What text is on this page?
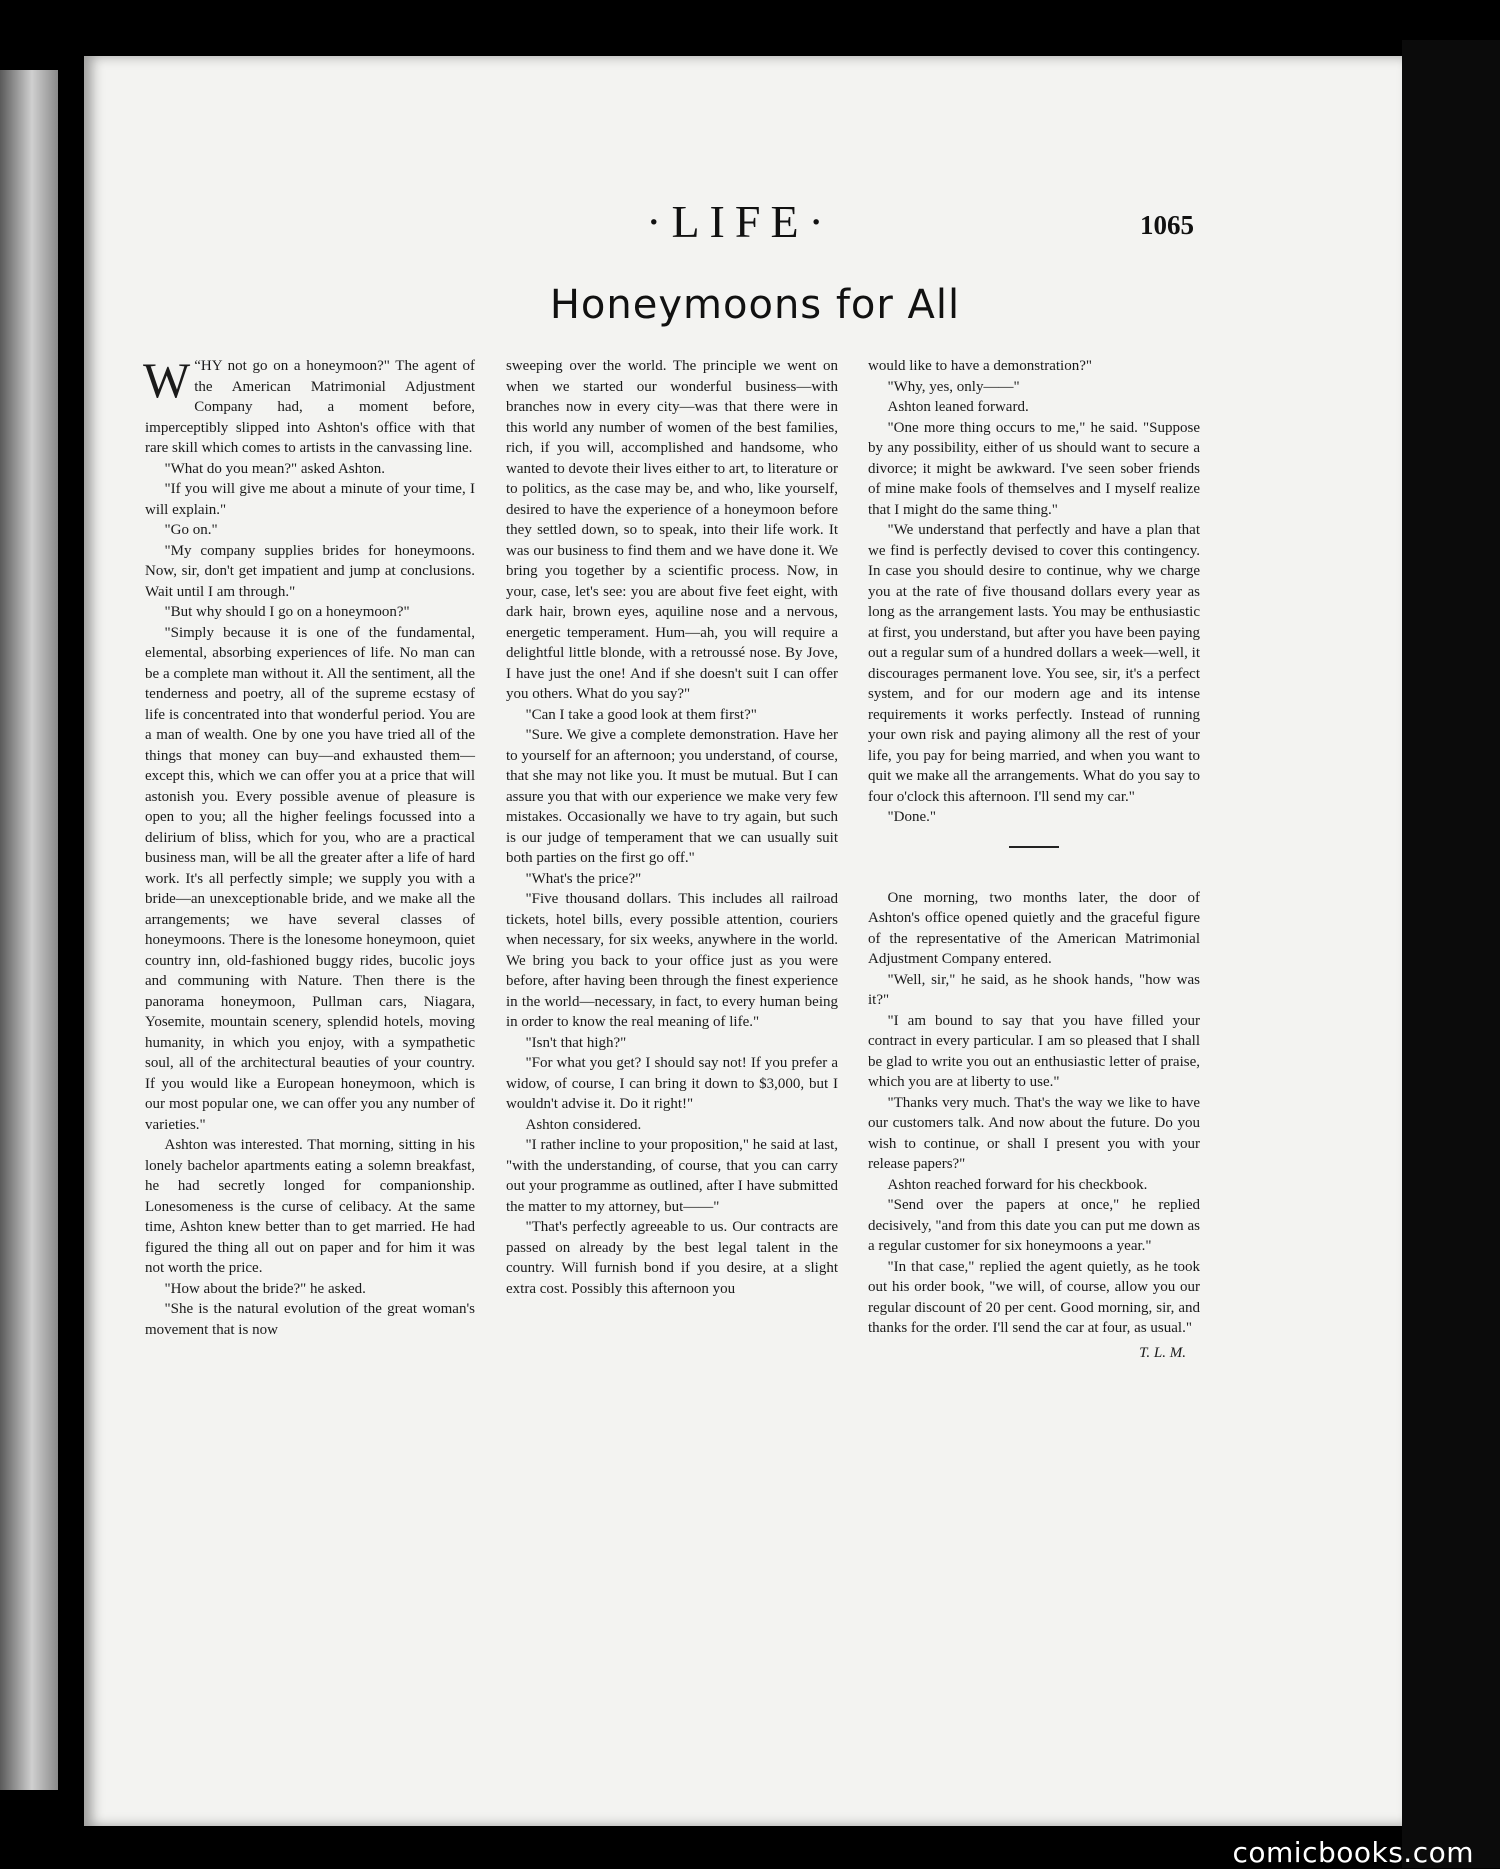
·LIFE·	1065
Honeymoons for All

“
W HY not go on a honeymoon?" The agent of the American Matrimonial Adjustment Company had, a moment before, imperceptibly slipped into Ashton's office with that rare skill which comes to artists in the canvassing line.

"What do you mean?" asked Ashton.

"If you will give me about a minute of your time, I will explain."

"Go on."

"My company supplies brides for honeymoons. Now, sir, don't get impatient and jump at conclusions. Wait until I am through."

"But why should I go on a honeymoon?"

"Simply because it is one of the fundamental, elemental, absorbing experiences of life. No man can be a complete man without it. All the sentiment, all the tenderness and poetry, all of the supreme ecstasy of life is concentrated into that wonderful period. You are a man of wealth. One by one you have tried all of the things that money can buy—and exhausted them—except this, which we can offer you at a price that will astonish you. Every possible avenue of pleasure is open to you; all the higher feelings focussed into a delirium of bliss, which for you, who are a practical business man, will be all the greater after a life of hard work. It's all perfectly simple; we supply you with a bride—an unexceptionable bride, and we make all the arrangements; we have several classes of honeymoons. There is the lonesome honeymoon, quiet country inn, old-fashioned buggy rides, bucolic joys and communing with Nature. Then there is the panorama honeymoon, Pullman cars, Niagara, Yosemite, mountain scenery, splendid hotels, moving humanity, in which you enjoy, with a sympathetic soul, all of the architectural beauties of your country. If you would like a European honeymoon, which is our most popular one, we can offer you any number of varieties."

Ashton was interested. That morning, sitting in his lonely bachelor apartments eating a solemn breakfast, he had secretly longed for companionship. Lonesomeness is the curse of celibacy. At the same time, Ashton knew better than to get married. He had figured the thing all out on paper and for him it was not worth the price.

"How about the bride?" he asked.

"She is the natural evolution of the great woman's movement that is now

sweeping over the world. The principle we went on when we started our wonderful business—with branches now in every city—was that there were in this world any number of women of the best families, rich, if you will, accomplished and handsome, who wanted to devote their lives either to art, to literature or to politics, as the case may be, and who, like yourself, desired to have the experience of a honeymoon before they settled down, so to speak, into their life work. It was our business to find them and we have done it. We bring you together by a scientific process. Now, in your, case, let's see: you are about five feet eight, with dark hair, brown eyes, aquiline nose and a nervous, energetic temperament. Hum—ah, you will require a delightful little blonde, with a retroussé nose. By Jove, I have just the one! And if she doesn't suit I can offer you others. What do you say?"

"Can I take a good look at them first?"

"Sure. We give a complete demonstration. Have her to yourself for an afternoon; you understand, of course, that she may not like you. It must be mutual. But I can assure you that with our experience we make very few mistakes. Occasionally we have to try again, but such is our judge of temperament that we can usually suit both parties on the first go off."

"What's the price?"

"Five thousand dollars. This includes all railroad tickets, hotel bills, every possible attention, couriers when necessary, for six weeks, anywhere in the world. We bring you back to your office just as you were before, after having been through the finest experience in the world—necessary, in fact, to every human being in order to know the real meaning of life."

"Isn't that high?"

"For what you get? I should say not! If you prefer a widow, of course, I can bring it down to $3,000, but I wouldn't advise it. Do it right!"

Ashton considered.

"I rather incline to your proposition," he said at last, "with the understanding, of course, that you can carry out your programme as outlined, after I have submitted the matter to my attorney, but——"

"That's perfectly agreeable to us. Our contracts are passed on already by the best legal talent in the country. Will furnish bond if you desire, at a slight extra cost. Possibly this afternoon you

would like to have a demonstration?"

"Why, yes, only——"

Ashton leaned forward.

"One more thing occurs to me," he said. "Suppose by any possibility, either of us should want to secure a divorce; it might be awkward. I've seen sober friends of mine make fools of themselves and I myself realize that I might do the same thing."

"We understand that perfectly and have a plan that we find is perfectly devised to cover this contingency. In case you should desire to continue, why we charge you at the rate of five thousand dollars every year as long as the arrangement lasts. You may be enthusiastic at first, you understand, but after you have been paying out a regular sum of a hundred dollars a week—well, it discourages permanent love. You see, sir, it's a perfect system, and for our modern age and its intense requirements it works perfectly. Instead of running your own risk and paying alimony all the rest of your life, you pay for being married, and when you want to quit we make all the arrangements. What do you say to four o'clock this afternoon. I'll send my car."

"Done."

One morning, two months later, the door of Ashton's office opened quietly and the graceful figure of the representative of the American Matrimonial Adjustment Company entered.

"Well, sir," he said, as he shook hands, "how was it?"

"I am bound to say that you have filled your contract in every particular. I am so pleased that I shall be glad to write you out an enthusiastic letter of praise, which you are at liberty to use."

"Thanks very much. That's the way we like to have our customers talk. And now about the future. Do you wish to continue, or shall I present you with your release papers?"

Ashton reached forward for his checkbook.

"Send over the papers at once," he replied decisively, "and from this date you can put me down as a regular customer for six honeymoons a year."

"In that case," replied the agent quietly, as he took out his order book, "we will, of course, allow you our regular discount of 20 per cent. Good morning, sir, and thanks for the order. I'll send the car at four, as usual."

T. L. M.
comicbooks.com
